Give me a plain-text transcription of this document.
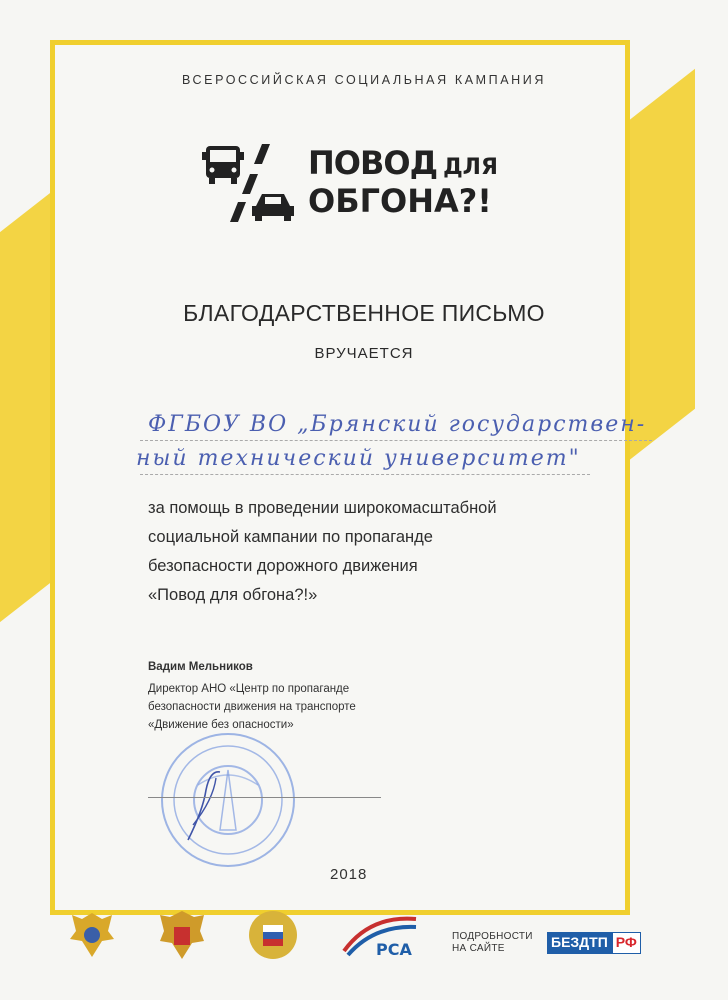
ВСЕРОССИЙСКАЯ СОЦИАЛЬНАЯ КАМПАНИЯ
ПОВОД ДЛЯ
ОБГОНА?!
БЛАГОДАРСТВЕННОЕ ПИСЬМО
ВРУЧАЕТСЯ
ФГБОУ ВО „Брянский государствен-
ный технический университет"
за помощь в проведении широкомасштабной
социальной кампании по пропаганде
безопасности дорожного движения
«Повод для обгона?!»
Вадим Мельников
Директор АНО «Центр по пропаганде
безопасности движения на транспорте
«Движение без опасности»
2018
РСА
ПОДРОБНОСТИ
НА САЙТЕ	БЕЗДТП РФ
